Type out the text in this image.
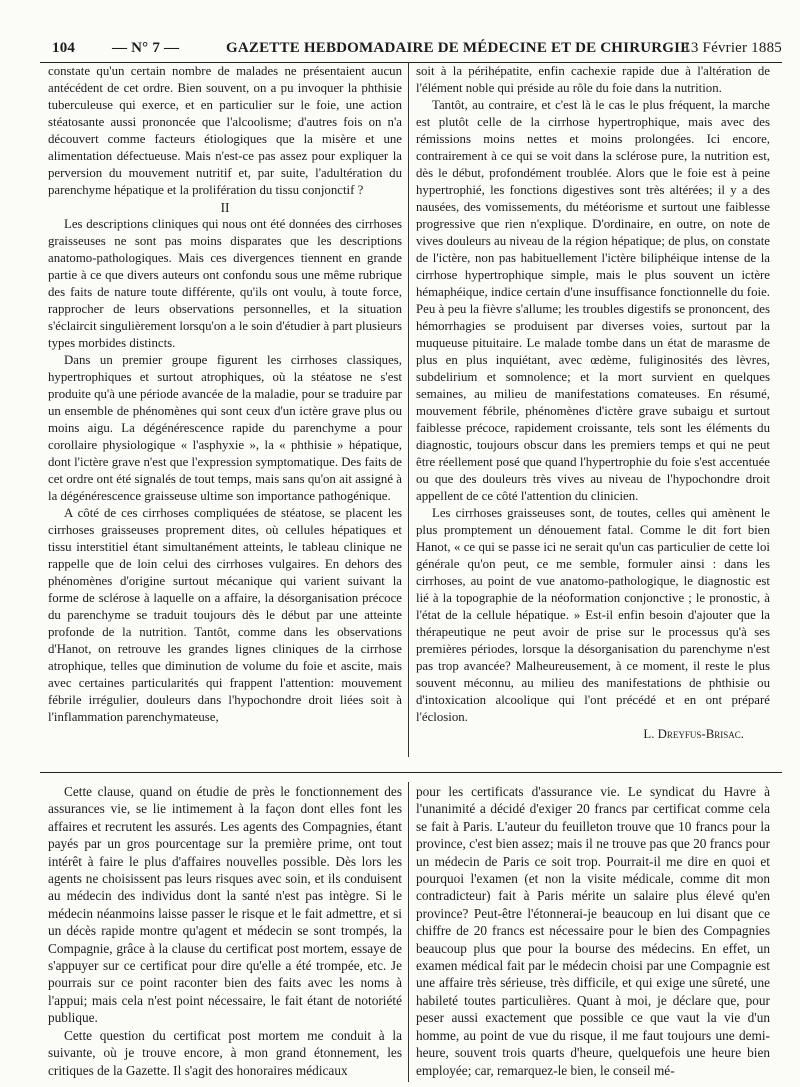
104 — N° 7 —	GAZETTE HEBDOMADAIRE DE MÉDECINE ET DE CHIRURGIE
13 Février 1885

constate qu'un certain nombre de malades ne présentaient aucun antécédent de cet ordre. Bien souvent, on a pu invoquer la phthisie tuberculeuse qui exerce, et en particulier sur le foie, une action stéatosante aussi prononcée que l'alcoolisme; d'autres fois on n'a découvert comme facteurs étiologiques que la misère et une alimentation défectueuse. Mais n'est-ce pas assez pour expliquer la perversion du mouvement nutritif et, par suite, l'adultération du parenchyme hépatique et la prolifération du tissu conjonctif ?

II

Les descriptions cliniques qui nous ont été données des cirrhoses graisseuses ne sont pas moins disparates que les descriptions anatomo-pathologiques. Mais ces divergences tiennent en grande partie à ce que divers auteurs ont confondu sous une même rubrique des faits de nature toute différente, qu'ils ont voulu, à toute force, rapprocher de leurs observations personnelles, et la situation s'éclaircit singulièrement lorsqu'on a le soin d'étudier à part plusieurs types morbides distincts.

Dans un premier groupe figurent les cirrhoses classiques, hypertrophiques et surtout atrophiques, où la stéatose ne s'est produite qu'à une période avancée de la maladie, pour se traduire par un ensemble de phénomènes qui sont ceux d'un ictère grave plus ou moins aigu. La dégénérescence rapide du parenchyme a pour corollaire physiologique « l'asphyxie », la « phthisie » hépatique, dont l'ictère grave n'est que l'expression symptomatique. Des faits de cet ordre ont été signalés de tout temps, mais sans qu'on ait assigné à la dégénérescence graisseuse ultime son importance pathogénique.

A côté de ces cirrhoses compliquées de stéatose, se placent les cirrhoses graisseuses proprement dites, où cellules hépatiques et tissu interstitiel étant simultanément atteints, le tableau clinique ne rappelle que de loin celui des cirrhoses vulgaires. En dehors des phénomènes d'origine surtout mécanique qui varient suivant la forme de sclérose à laquelle on a affaire, la désorganisation précoce du parenchyme se traduit toujours dès le début par une atteinte profonde de la nutrition. Tantôt, comme dans les observations d'Hanot, on retrouve les grandes lignes cliniques de la cirrhose atrophique, telles que diminution de volume du foie et ascite, mais avec certaines particularités qui frappent l'attention: mouvement fébrile irrégulier, douleurs dans l'hypochondre droit liées soit à l'inflammation parenchymateuse,

soit à la périhépatite, enfin cachexie rapide due à l'altération de l'élément noble qui préside au rôle du foie dans la nutrition.

Tantôt, au contraire, et c'est là le cas le plus fréquent, la marche est plutôt celle de la cirrhose hypertrophique, mais avec des rémissions moins nettes et moins prolongées. Ici encore, contrairement à ce qui se voit dans la sclérose pure, la nutrition est, dès le début, profondément troublée. Alors que le foie est à peine hypertrophié, les fonctions digestives sont très altérées; il y a des nausées, des vomissements, du météorisme et surtout une faiblesse progressive que rien n'explique. D'ordinaire, en outre, on note de vives douleurs au niveau de la région hépatique; de plus, on constate de l'ictère, non pas habituellement l'ictère biliphéique intense de la cirrhose hypertrophique simple, mais le plus souvent un ictère hémaphéique, indice certain d'une insuffisance fonctionnelle du foie. Peu à peu la fièvre s'allume; les troubles digestifs se prononcent, des hémorrhagies se produisent par diverses voies, surtout par la muqueuse pituitaire. Le malade tombe dans un état de marasme de plus en plus inquiétant, avec œdème, fuliginosités des lèvres, subdelirium et somnolence; et la mort survient en quelques semaines, au milieu de manifestations comateuses. En résumé, mouvement fébrile, phénomènes d'ictère grave subaigu et surtout faiblesse précoce, rapidement croissante, tels sont les éléments du diagnostic, toujours obscur dans les premiers temps et qui ne peut être réellement posé que quand l'hypertrophie du foie s'est accentuée ou que des douleurs très vives au niveau de l'hypochondre droit appellent de ce côté l'attention du clinicien.

Les cirrhoses graisseuses sont, de toutes, celles qui amènent le plus promptement un dénouement fatal. Comme le dit fort bien Hanot, « ce qui se passe ici ne serait qu'un cas particulier de cette loi générale qu'on peut, ce me semble, formuler ainsi : dans les cirrhoses, au point de vue anatomo-pathologique, le diagnostic est lié à la topographie de la néoformation conjonctive ; le pronostic, à l'état de la cellule hépatique. » Est-il enfin besoin d'ajouter que la thérapeutique ne peut avoir de prise sur le processus qu'à ses premières périodes, lorsque la désorganisation du parenchyme n'est pas trop avancée? Malheureusement, à ce moment, il reste le plus souvent méconnu, au milieu des manifestations de phthisie ou d'intoxication alcoolique qui l'ont précédé et en ont préparé l'éclosion.

L. Dreyfus-Brisac.

Cette clause, quand on étudie de près le fonctionnement des assurances vie, se lie intimement à la façon dont elles font les affaires et recrutent les assurés. Les agents des Compagnies, étant payés par un gros pourcentage sur la première prime, ont tout intérêt à faire le plus d'affaires nouvelles possible. Dès lors les agents ne choisissent pas leurs risques avec soin, et ils conduisent au médecin des individus dont la santé n'est pas intègre. Si le médecin néanmoins laisse passer le risque et le fait admettre, et si un décès rapide montre qu'agent et médecin se sont trompés, la Compagnie, grâce à la clause du certificat post mortem, essaye de s'appuyer sur ce certificat pour dire qu'elle a été trompée, etc. Je pourrais sur ce point raconter bien des faits avec les noms à l'appui; mais cela n'est point nécessaire, le fait étant de notoriété publique.

Cette question du certificat post mortem me conduit à la suivante, où je trouve encore, à mon grand étonnement, les critiques de la Gazette. Il s'agit des honoraires médicaux

pour les certificats d'assurance vie. Le syndicat du Havre à l'unanimité a décidé d'exiger 20 francs par certificat comme cela se fait à Paris. L'auteur du feuilleton trouve que 10 francs pour la province, c'est bien assez; mais il ne trouve pas que 20 francs pour un médecin de Paris ce soit trop. Pourrait-il me dire en quoi et pourquoi l'examen (et non la visite médicale, comme dit mon contradicteur) fait à Paris mérite un salaire plus élevé qu'en province? Peut-être l'étonnerai-je beaucoup en lui disant que ce chiffre de 20 francs est nécessaire pour le bien des Compagnies beaucoup plus que pour la bourse des médecins. En effet, un examen médical fait par le médecin choisi par une Compagnie est une affaire très sérieuse, très difficile, et qui exige une sûreté, une habileté toutes particulières. Quant à moi, je déclare que, pour peser aussi exactement que possible ce que vaut la vie d'un homme, au point de vue du risque, il me faut toujours une demi-heure, souvent trois quarts d'heure, quelquefois une heure bien employée; car, remarquez-le bien, le conseil mé-
